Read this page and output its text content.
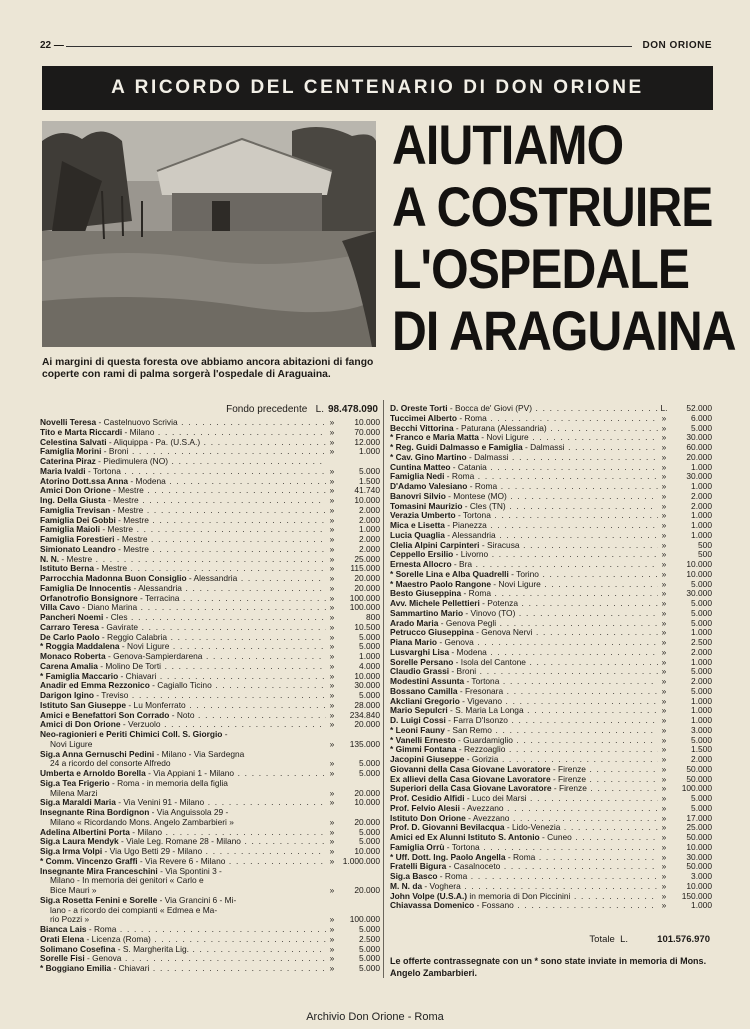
22 —	DON ORIONE
A RICORDO DEL CENTENARIO DI DON ORIONE
Ai margini di questa foresta ove abbiamo ancora abitazioni di fango coperte con rami di palma sorgerà l'ospedale di Araguaina.
AIUTIAMO
A COSTRUIRE
L'OSPEDALE
DI ARAGUAINA
Fondo precedente L. 98.478.090
Novelli Teresa - Castelnuovo Scrivia . . .	»	10.000
Tito e Marta Riccardi - Milano . . .	»	70.000
Celestina Salvati - Aliquippa - Pa. (U.S.A.) . . .	»	12.000
Famiglia Morini - Broni . . .	»	1.000
Caterina Piraz - Piedimulera (NO) . . .
Maria Ivaldi - Tortona . . .	»	5.000
Atorino Dott.ssa Anna - Modena . . .	»	1.500
Amici Don Orione - Mestre . . .	»	41.740
Ing. Della Giusta - Mestre . . .	»	10.000
Famiglia Trevisan - Mestre . . .	»	2.000
Famiglia Dei Gobbi - Mestre . . .	»	2.000
Famiglia Maioli - Mestre . . .	»	1.000
Famiglia Forestieri - Mestre . . .	»	2.000
Simionato Leandro - Mestre . . .	»	2.000
N. N. - Mestre . . .	»	25.000
Istituto Berna - Mestre . . .	»	115.000
Parrocchia Madonna Buon Consiglio - Alessandria . . .	»	20.000
Famiglia De Innocentis - Alessandria . . .	»	20.000
Orfanotrofio Bonsignore - Terracina . . .	»	100.000
Villa Cavo - Diano Marina . . .	»	100.000
Pancheri Noemi - Cles . . .	»	800
Carraro Teresa - Gavirate . . .	»	10.500
De Carlo Paolo - Reggio Calabria . . .	»	5.000
* Roggia Maddalena - Novi Ligure . . .	»	5.000
Monaco Roberta - Genova-Sampierdarena . . .	»	1.000
Carena Amalia - Molino De Torti . . .	»	4.000
* Famiglia Maccario - Chiavari . . .	»	10.000
Anadir ed Emma Rezzonico - Cagiallo Ticino . . .	»	30.000
Darigon Igino - Treviso . . .	»	5.000
Istituto San Giuseppe - Lu Monferrato . . .	»	28.000
Amici e Benefattori Son Corrado - Noto . . .	»	234.840
Amici di Don Orione - Verzuolo . . .	»	20.000
Neo-ragionieri e Periti Chimici Coll. S. Giorgio -
Novi Ligure	»	135.000
Sig.a Anna Gernuschi Pedini - Milano - Via Sardegna
24 a ricordo del consorte Alfredo	»	5.000
Umberta e Arnoldo Borella - Via Appiani 1 - Milano . . .	»	5.000
Sig.a Tea Frigerio - Roma - in memoria della figlia
Milena Marzi	»	20.000
Sig.a Maraldi Maria - Via Venini 91 - Milano . . .	»	10.000
Insegnante Rina Bordignon - Via Anguissola 29 -
Milano « Ricordando Mons. Angelo Zambarbieri »	»	20.000
Adelina Albertini Porta - Milano . . .	»	5.000
Sig.a Laura Mendyk - Viale Leg. Romane 28 - Milano . . .	»	5.000
Sig.a Irma Volpi - Via Ugo Betti 29 - Milano . . .	»	10.000
* Comm. Vincenzo Graffi - Via Revere 6 - Milano . . .	»	1.000.000
Insegnante Mira Franceschini - Via Spontini 3 -
Milano - In memoria dei genitori « Carlo e
Bice Mauri »	»	20.000
Sig.a Rosetta Fenini e Sorelle - Via Grancini 6 - Mi-
lano - a ricordo dei compianti « Edmea e Ma-
rio Pozzi »	»	100.000
Bianca Lais - Roma . . .	»	5.000
Orati Elena - Licenza (Roma) . . .	»	2.500
Solimano Cosefina - S. Margherita Lig. . . .	»	5.000
Sorelle Fisi - Genova . . .	»	5.000
* Boggiano Emilia - Chiavari . . .	»	5.000
D. Oreste Torti - Bocca de' Giovi (PV) . . .	L.	52.000
Tuccimei Alberto - Roma . . .	»	6.000
Becchi Vittorina - Paturana (Alessandria) . . .	»	5.000
* Franco e Maria Matta - Novi Ligure . . .	»	30.000
* Reg. Guidi Dalmasso e Famiglia - Dalmassi . . .	»	60.000
* Cav. Gino Martino - Dalmassi . . .	»	20.000
Cuntina Matteo - Catania . . .	»	1.000
Famiglia Nedi - Roma . . .	»	30.000
D'Adamo Valesiano - Roma . . .	»	1.000
Banovri Silvio - Montese (MO) . . .	»	2.000
Tomasini Maurizio - Cles (TN) . . .	»	2.000
Verazia Umberto - Tortona . . .	»	1.000
Mica e Lisetta - Pianezza . . .	»	1.000
Lucia Quaglia - Alessandria . . .	»	1.000
Clelia Alpini Carpinteri - Siracusa . . .	»	500
Ceppello Ersilio - Livorno . . .	»	500
Ernesta Allocro - Bra . . .	»	10.000
* Sorelle Lina e Alba Quadrelli - Torino . . .	»	10.000
* Maestro Paolo Rangone - Novi Ligure . . .	»	5.000
Besto Giuseppina - Roma . . .	»	30.000
Avv. Michele Pellettieri - Potenza . . .	»	5.000
Sammartino Mario - Vinovo (TO) . . .	»	5.000
Arado Maria - Genova Pegli . . .	»	5.000
Petrucco Giuseppina - Genova Nervi . . .	»	1.000
Piana Mario - Genova . . .	»	2.500
Lusvarghi Lisa - Modena . . .	»	2.000
Sorelle Persano - Isola del Cantone . . .	»	1.000
Claudio Grassi - Broni . . .	»	5.000
Modestini Assunta - Tortona . . .	»	2.000
Bossano Camilla - Fresonara . . .	»	5.000
Akcliani Gregorio - Vigevano . . .	»	1.000
Mario Sepulcri - S. Maria La Longa . . .	»	1.000
D. Luigi Cossi - Farra D'Isonzo . . .	»	1.000
* Leoni Fauny - San Remo . . .	»	3.000
* Vanelli Ernesto - Guardamiglio . . .	»	5.000
* Gimmi Fontana - Rezzoaglio . . .	»	1.500
Jacopini Giuseppe - Gorizia . . .	»	2.000
Giovanni della Casa Giovane Lavoratore - Firenze . . .	»	50.000
Ex allievi della Casa Giovane Lavoratore - Firenze . . .	»	50.000
Superiori della Casa Giovane Lavoratore - Firenze . . .	»	100.000
Prof. Cesidio Alfidi - Luco dei Marsi . . .	»	5.000
Prof. Felvio Alesii - Avezzano . . .	»	5.000
Istituto Don Orione - Avezzano . . .	»	17.000
Prof. D. Giovanni Bevilacqua - Lido-Venezia . . .	»	25.000
Amici ed Ex Alunni Istituto S. Antonio - Cuneo . . .	»	50.000
Famiglia Orrù - Tortona . . .	»	10.000
* Uff. Dott. Ing. Paolo Angella - Roma . . .	»	30.000
Fratelli Bigura - Casalnoceto . . .	»	50.000
Sig.a Basco - Roma . . .	»	3.000
M. N. da - Voghera . . .	»	10.000
John Volpe (U.S.A.) in memoria di Don Piccinini . . .	»	150.000
Chiavassa Domenico - Fossano . . .	»	1.000
Totale L.	101.576.970
Le offerte contrassegnate con un * sono state inviate in memoria di Mons. Angelo Zambarbieri.
Archivio Don Orione - Roma
